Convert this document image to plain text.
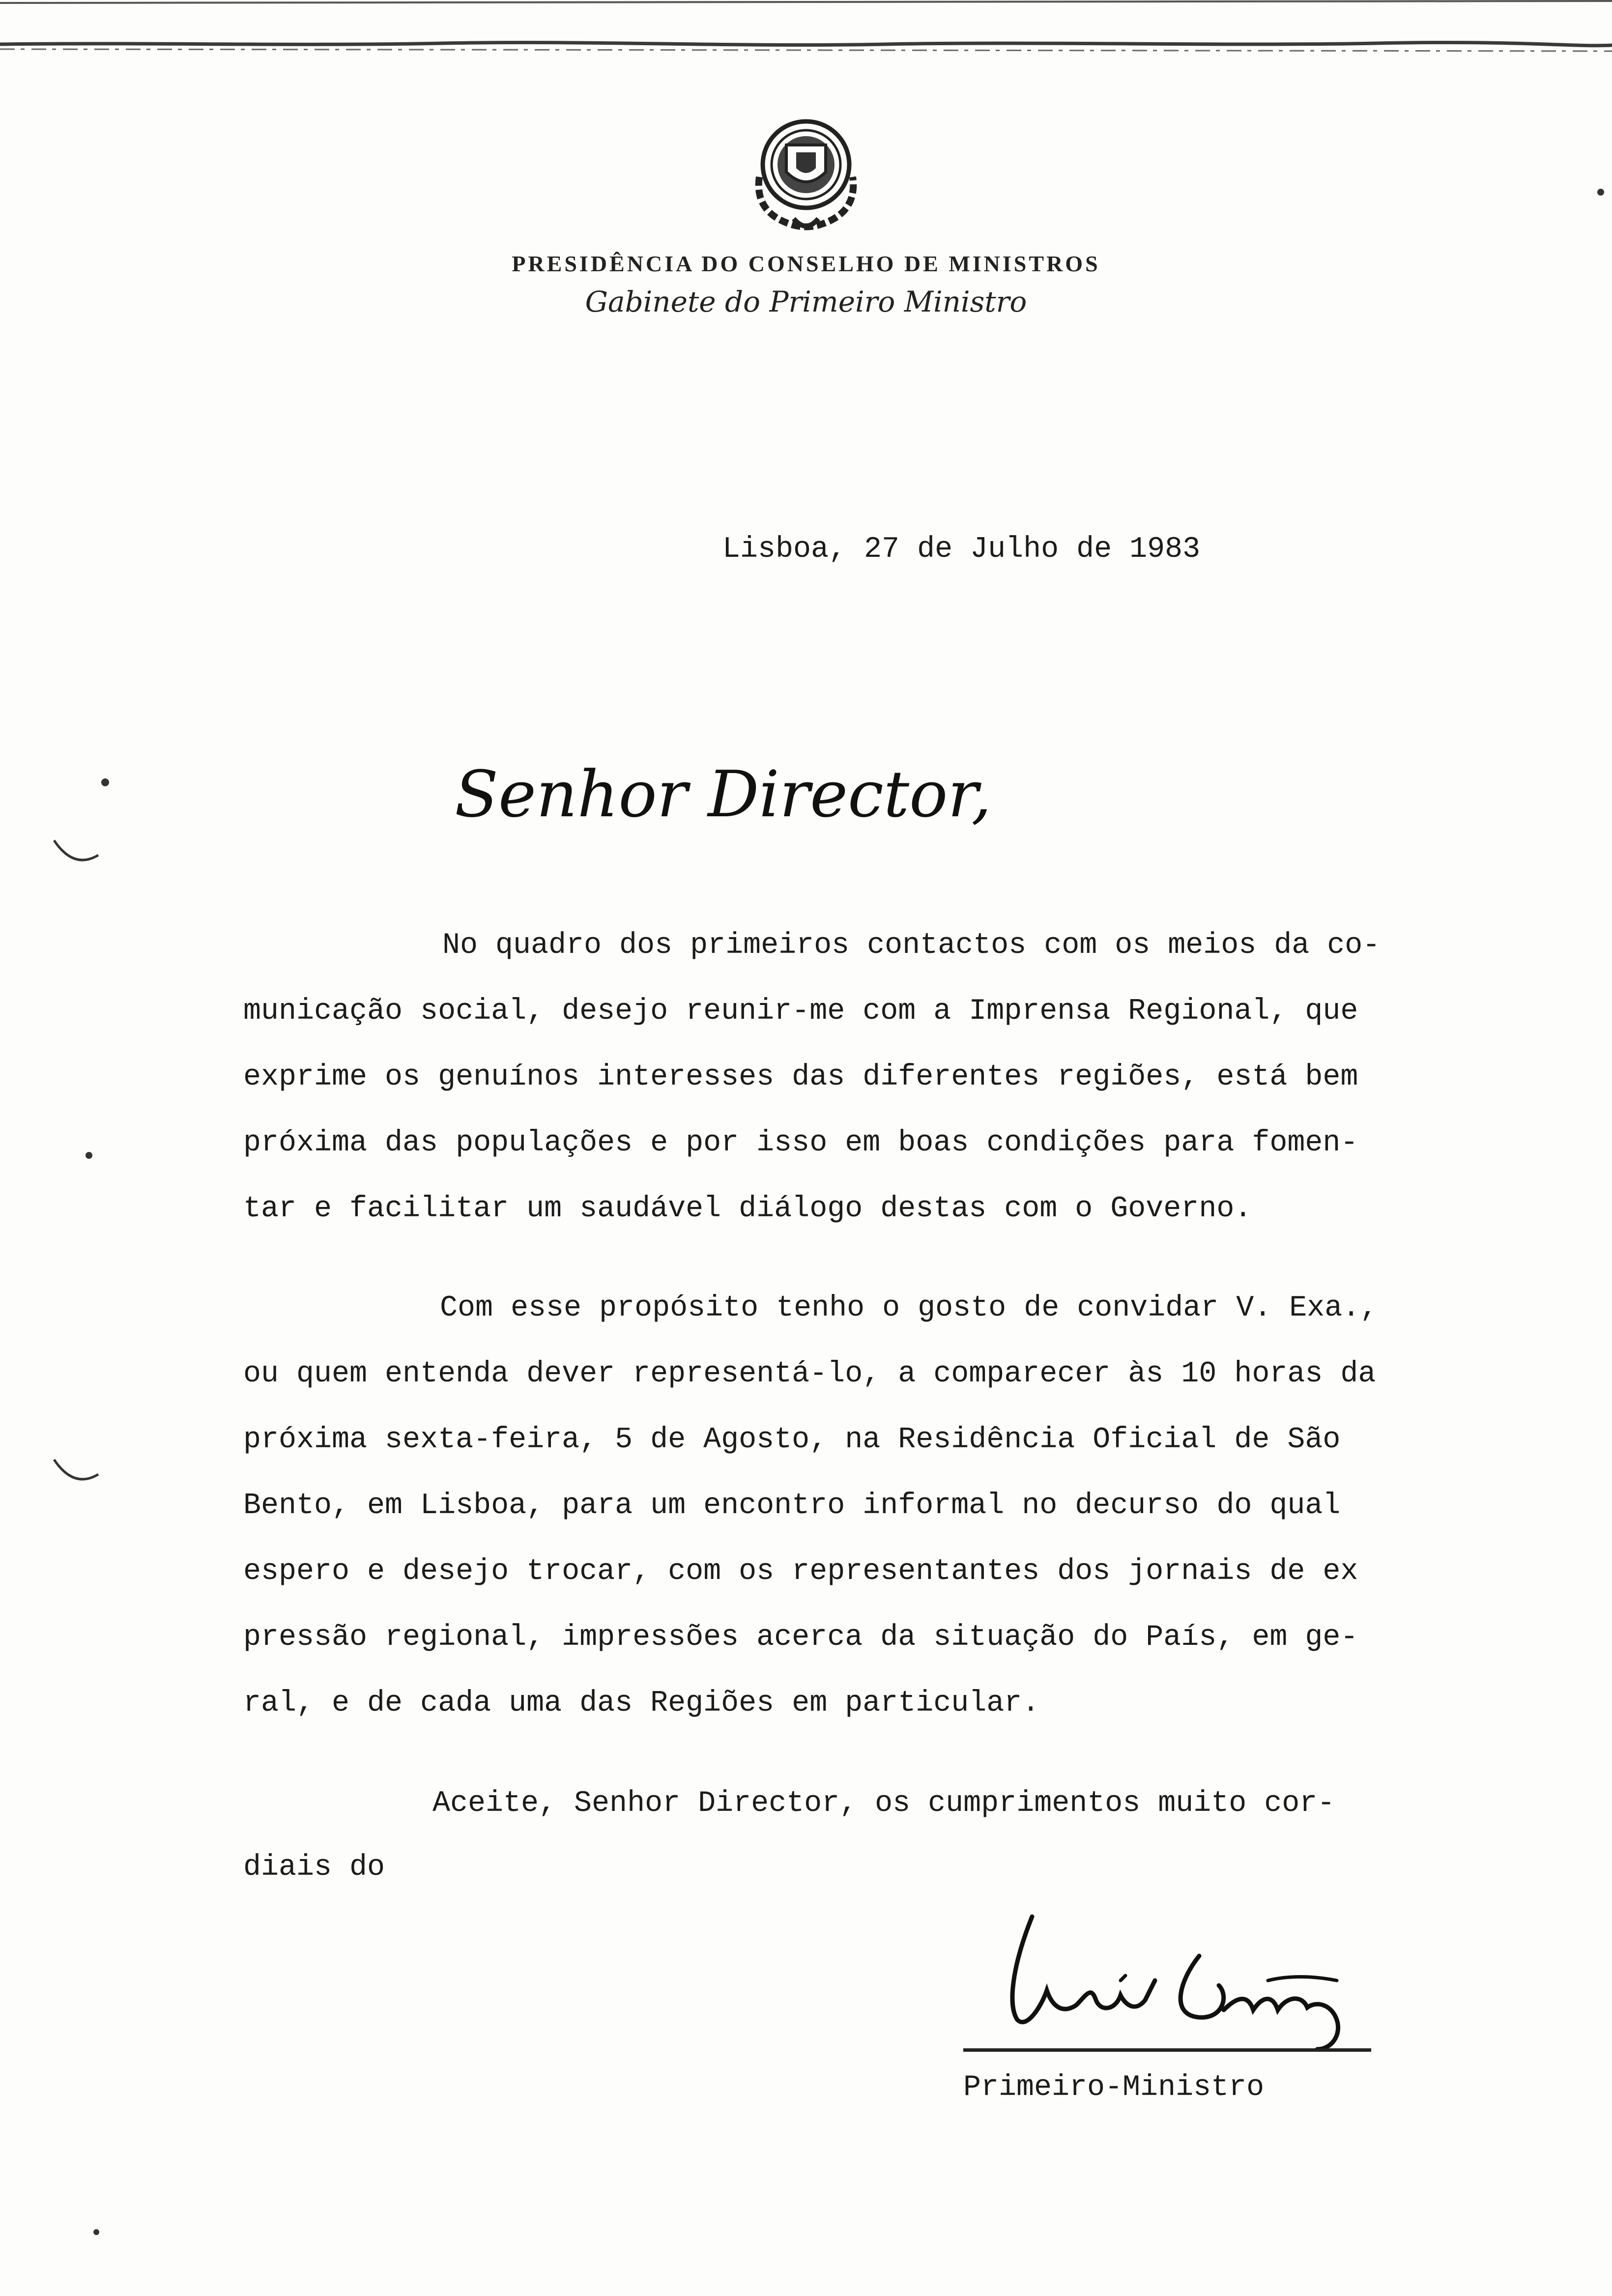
PRESIDÊNCIA DO CONSELHO DE MINISTROS
Gabinete do Primeiro Ministro
Lisboa, 27 de Julho de 1983
Senhor Director,
No quadro dos primeiros contactos com os meios da co-
municação social, desejo reunir-me com a Imprensa Regional, que
exprime os genuínos interesses das diferentes regiões, está bem
próxima das populações e por isso em boas condições para fomen-
tar e facilitar um saudável diálogo destas com o Governo.
Com esse propósito tenho o gosto de convidar V. Exa.,
ou quem entenda dever representá-lo, a comparecer às 10 horas da
próxima sexta-feira, 5 de Agosto, na Residência Oficial de São
Bento, em Lisboa, para um encontro informal no decurso do qual
espero e desejo trocar, com os representantes dos jornais de ex
pressão regional, impressões acerca da situação do País, em ge-
ral, e de cada uma das Regiões em particular.
Aceite, Senhor Director, os cumprimentos muito cor-
diais do
Primeiro-Ministro
